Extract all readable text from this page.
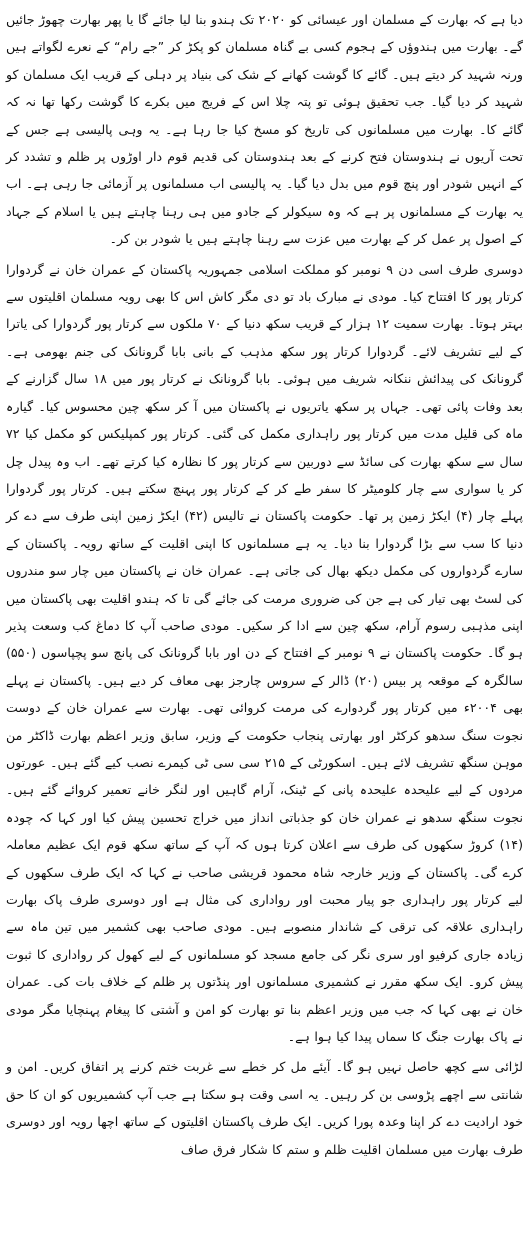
دیا ہے کہ بھارت کے مسلمان اور عیسائی کو ۲۰۲۰ تک ہندو بنا لیا جائے گا یا پھر بھارت چھوڑ جائیں گے۔ بھارت میں ہندوؤں کے ہجوم کسی بے گناہ مسلمان کو پکڑ کر ”جے رام“ کے نعرے لگواتے ہیں ورنہ شہید کر دیتے ہیں۔ گائے کا گوشت کھانے کے شک کی بنیاد پر دہلی کے قریب ایک مسلمان کو شہید کر دیا گیا۔ جب تحقیق ہوئی تو پتہ چلا اس کے فریج میں بکرے کا گوشت رکھا تھا نہ کہ گائے کا۔ بھارت میں مسلمانوں کی تاریخ کو مسخ کیا جا رہا ہے۔ یہ وہی پالیسی ہے جس کے تحت آریوں نے ہندوستان فتح کرنے کے بعد ہندوستان کی قدیم قوم دار اوڑوں پر ظلم و تشدد کر کے انہیں شودر اور پنچ قوم میں بدل دیا گیا۔ یہ پالیسی اب مسلمانوں پر آزمائی جا رہی ہے۔ اب یہ بھارت کے مسلمانوں پر ہے کہ وہ سیکولر کے جادو میں ہی رہنا چاہتے ہیں یا اسلام کے جہاد کے اصول پر عمل کر کے بھارت میں عزت سے رہنا چاہتے ہیں یا شودر بن کر۔

دوسری طرف اسی دن ۹ نومبر کو مملکت اسلامی جمہوریہ پاکستان کے عمران خان نے گردوارا کرتار پور کا افتتاح کیا۔ مودی نے مبارک باد تو دی مگر کاش اس کا بھی رویہ مسلمان اقلیتوں سے بہتر ہوتا۔ بھارت سمیت ۱۲ ہزار کے قریب سکھ دنیا کے ۷۰ ملکوں سے کرتار پور گردوارا کی یاترا کے لیے تشریف لائے۔ گردوارا کرتار پور سکھ مذہب کے بانی بابا گرونانک کی جنم بھومی ہے۔ گرونانک کی پیدائش ننکانہ شریف میں ہوئی۔ بابا گرونانک نے کرتار پور میں ۱۸ سال گزارنے کے بعد وفات پائی تھی۔ جہاں پر سکھ یاتریوں نے پاکستان میں آ کر سکھ چین محسوس کیا۔ گیارہ ماہ کی قلیل مدت میں کرتار پور راہداری مکمل کی گئی۔ کرتار پور کمپلیکس کو مکمل کیا ۷۲ سال سے سکھ بھارت کی سائڈ سے دوربین سے کرتار پور کا نظارہ کیا کرتے تھے۔ اب وہ پیدل چل کر یا سواری سے چار کلومیٹر کا سفر طے کر کے کرتار پور پہنچ سکتے ہیں۔ کرتار پور گردوارا پہلے چار (۴) ایکڑ زمین پر تھا۔ حکومت پاکستان نے تالیس (۴۲) ایکڑ زمین اپنی طرف سے دے کر دنیا کا سب سے بڑا گردوارا بنا دیا۔ یہ ہے مسلمانوں کا اپنی اقلیت کے ساتھ رویہ۔ پاکستان کے سارے گردواروں کی مکمل دیکھ بھال کی جاتی ہے۔ عمران خان نے پاکستان میں چار سو مندروں کی لسٹ بھی تیار کی ہے جن کی ضروری مرمت کی جائے گی تا کہ ہندو اقلیت بھی پاکستان میں اپنی مذہبی رسوم آرام، سکھ چین سے ادا کر سکیں۔ مودی صاحب آپ کا دماغ کب وسعت پذیر ہو گا۔ حکومت پاکستان نے ۹ نومبر کے افتتاح کے دن اور بابا گرونانک کی پانچ سو پچپاسوں (۵۵۰) سالگرہ کے موقعہ پر بیس (۲۰) ڈالر کے سروس چارجز بھی معاف کر دیے ہیں۔ پاکستان نے پہلے بھی ۲۰۰۴ء میں کرتار پور گردوارے کی مرمت کروائی تھی۔ بھارت سے عمران خان کے دوست نجوت سنگ سدھو کرکٹر اور بھارتی پنجاب حکومت کے وزیر، سابق وزیر اعظم بھارت ڈاکٹر من موہن سنگھ تشریف لائے ہیں۔ اسکورٹی کے ۲۱۵ سی سی ٹی کیمرے نصب کیے گئے ہیں۔ عورتوں مردوں کے لیے علیحدہ علیحدہ پانی کے ٹینک، آرام گاہیں اور لنگر خانے تعمیر کروائے گئے ہیں۔ نجوت سنگھ سدھو نے عمران خان کو جذباتی انداز میں خراج تحسین پیش کیا اور کہا کہ چودہ (۱۴) کروڑ سکھوں کی طرف سے اعلان کرتا ہوں کہ آپ کے ساتھ سکھ قوم ایک عظیم معاملہ کرے گی۔ پاکستان کے وزیر خارجہ شاہ محمود قریشی صاحب نے کہا کہ ایک طرف سکھوں کے لیے کرتار پور راہداری جو پیار محبت اور رواداری کی مثال ہے اور دوسری طرف پاک بھارت راہداری علاقہ کی ترقی کے شاندار منصوبے ہیں۔ مودی صاحب بھی کشمیر میں تین ماہ سے زیادہ جاری کرفیو اور سری نگر کی جامع مسجد کو مسلمانوں کے لیے کھول کر رواداری کا ثبوت پیش کرو۔ ایک سکھ مقرر نے کشمیری مسلمانوں اور پنڈتوں پر ظلم کے خلاف بات کی۔ عمران خان نے بھی کہا کہ جب میں وزیر اعظم بنا تو بھارت کو امن و آشتی کا پیغام پہنچایا مگر مودی نے پاک بھارت جنگ کا سماں پیدا کیا ہوا ہے۔

لڑائی سے کچھ حاصل نہیں ہو گا۔ آیئے مل کر خطے سے غربت ختم کرنے پر اتفاق کریں۔ امن و شانتی سے اچھے پڑوسی بن کر رہیں۔ یہ اسی وقت ہو سکتا ہے جب آپ کشمیریوں کو ان کا حق خود ارادیت دے کر اپنا وعدہ پورا کریں۔ ایک طرف پاکستان اقلیتوں کے ساتھ اچھا رویہ اور دوسری طرف بھارت میں مسلمان اقلیت ظلم و ستم کا شکار فرق صاف
